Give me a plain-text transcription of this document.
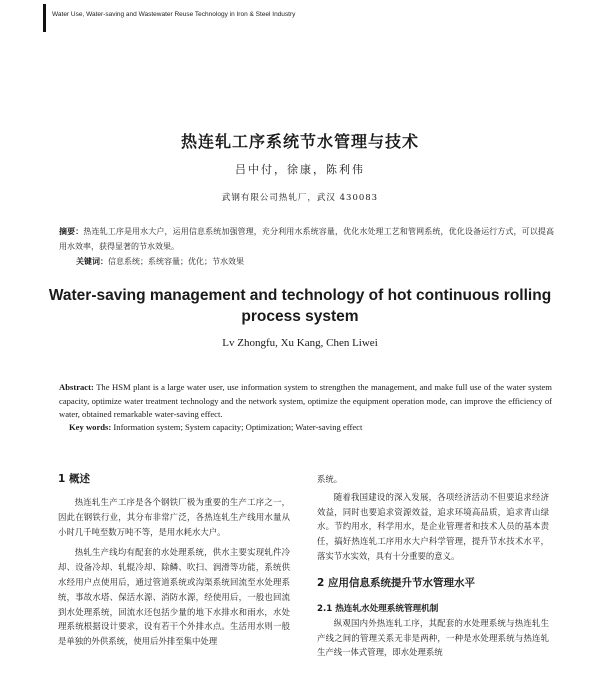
Water Use, Water-saving and Wastewater Reuse Technology in Iron & Steel Industry
热连轧工序系统节水管理与技术
吕中付，徐康，陈利伟
武钢有限公司热轧厂，武汉 430083
摘要：热连轧工序是用水大户，运用信息系统加强管理，充分利用水系统容量，优化水处理工艺和管网系统，优化设备运行方式，可以提高用水效率，获得显著的节水效果。
关键词：信息系统；系统容量；优化；节水效果
Water-saving management and technology of hot continuous rolling
process system
Lv Zhongfu, Xu Kang, Chen Liwei
Abstract: The HSM plant is a large water user, use information system to strengthen the management, and make full use of the water system capacity, optimize water treatment technology and the network system, optimize the equipment operation mode, can improve the efficiency of water, obtained remarkable water-saving effect.
Key words: Information system; System capacity; Optimization; Water-saving effect
1 概述

热连轧生产工序是各个钢铁厂极为重要的生产工序之一，因此在钢铁行业，其分布非常广泛，各热连轧生产线用水量从小时几千吨至数万吨不等，是用水耗水大户。

热轧生产线均有配套的水处理系统，供水主要实现轧件冷却、设备冷却、轧辊冷却、除鳞、吹扫、润滑等功能，系统供水经用户点使用后，通过管道系统或沟渠系统回流至水处理系统，事故水塔、保活水源、消防水源，经使用后，一般也回流到水处理系统，回流水还包括少量的地下水排水和雨水，水处理系统根据设计要求，设有若干个外排水点。生活用水则一般是单独的外供系统，使用后外排至集中处理

系统。

随着我国建设的深入发展，各项经济活动不但要追求经济效益，同时也要追求资源效益，追求环境高品质，追求青山绿水。节约用水，科学用水，是企业管理者和技术人员的基本责任，搞好热连轧工序用水大户科学管理，提升节水技术水平，落实节水实效，具有十分重要的意义。

2 应用信息系统提升节水管理水平
2.1 热连轧水处理系统管理机制

纵观国内外热连轧工序，其配套的水处理系统与热连轧生产线之间的管理关系无非是两种，一种是水处理系统与热连轧生产线一体式管理，即水处理系统
